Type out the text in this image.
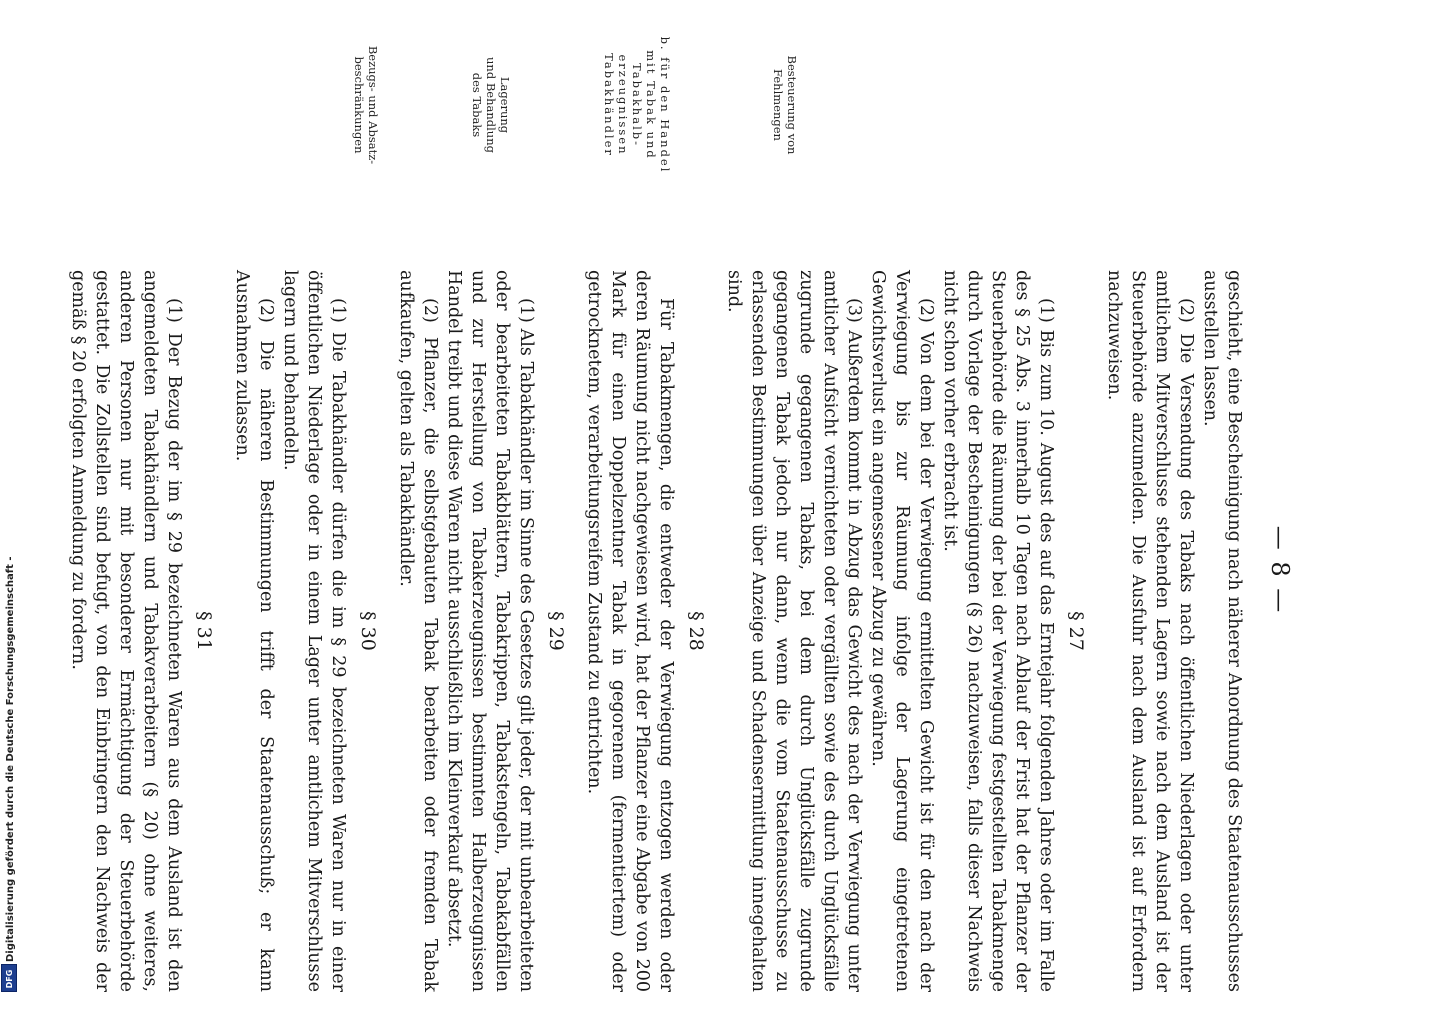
— 8 —
Besteuerung von
Fehlmengen
b. für den Handel
mit Tabak und
Tabakhalb-
erzeugnissen
Tabakhändler
Lagerung
und Behandlung
des Tabaks
Bezugs- und Absatz-
beschränkungen

geschieht, eine Bescheinigung nach näherer Anordnung des Staatenausschusses ausstellen lassen.

(2) Die Versendung des Tabaks nach öffentlichen Niederlagen oder unter amtlichem Mitverschlusse stehenden Lagern sowie nach dem Ausland ist der Steuerbehörde anzumelden. Die Ausfuhr nach dem Ausland ist auf Erfordern nachzuweisen.

§ 27

(1) Bis zum 10. August des auf das Erntejahr folgenden Jahres oder im Falle des § 25 Abs. 3 innerhalb 10 Tagen nach Ablauf der Frist hat der Pflanzer der Steuerbehörde die Räumung der bei der Verwiegung festgestellten Tabakmenge durch Vorlage der Bescheinigungen (§ 26) nachzuweisen, falls dieser Nachweis nicht schon vorher erbracht ist.

(2) Von dem bei der Verwiegung ermittelten Gewicht ist für den nach der Verwiegung bis zur Räumung infolge der Lagerung eingetretenen Gewichtsverlust ein angemessener Abzug zu gewähren.

(3) Außerdem kommt in Abzug das Gewicht des nach der Verwiegung unter amtlicher Aufsicht vernichteten oder vergällten sowie des durch Unglücksfälle zugrunde gegangenen Tabaks, bei dem durch Unglücksfälle zugrunde gegangenen Tabak jedoch nur dann, wenn die vom Staatenausschusse zu erlassenden Bestimmungen über Anzeige und Schadensermittlung innegehalten sind.

§ 28

Für Tabakmengen, die entweder der Verwiegung entzogen werden oder deren Räumung nicht nachgewiesen wird, hat der Pflanzer eine Abgabe von 200 Mark für einen Doppelzentner Tabak in gegorenem (fermentiertem) oder getrocknetem, verarbeitungsreifem Zustand zu entrichten.

§ 29

(1) Als Tabakhändler im Sinne des Gesetzes gilt jeder, der mit unbearbeiteten oder bearbeiteten Tabakblättern, Tabakrippen, Tabakstengeln, Tabakabfällen und zur Herstellung von Tabakerzeugnissen bestimmten Halberzeugnissen Handel treibt und diese Waren nicht ausschließlich im Kleinverkauf absetzt.

(2) Pflanzer, die selbstgebauten Tabak bearbeiten oder fremden Tabak aufkaufen, gelten als Tabakhändler.

§ 30

(1) Die Tabakhändler dürfen die im § 29 bezeichneten Waren nur in einer öffentlichen Niederlage oder in einem Lager unter amtlichem Mitverschlusse lagern und behandeln.

(2) Die näheren Bestimmungen trifft der Staatenausschuß; er kann Ausnahmen zulassen.

§ 31

(1) Der Bezug der im § 29 bezeichneten Waren aus dem Ausland ist den angemeldeten Tabakhändlern und Tabakverarbeitern (§ 20) ohne weiteres, anderen Personen nur mit besonderer Ermächtigung der Steuerbehörde gestattet. Die Zollstellen sind befugt, von den Einbringern den Nachweis der gemäß § 20 erfolgten Anmeldung zu fordern.

Digitalisierung gefördert durch die Deutsche Forschungsgemeinschaft -
DFG
